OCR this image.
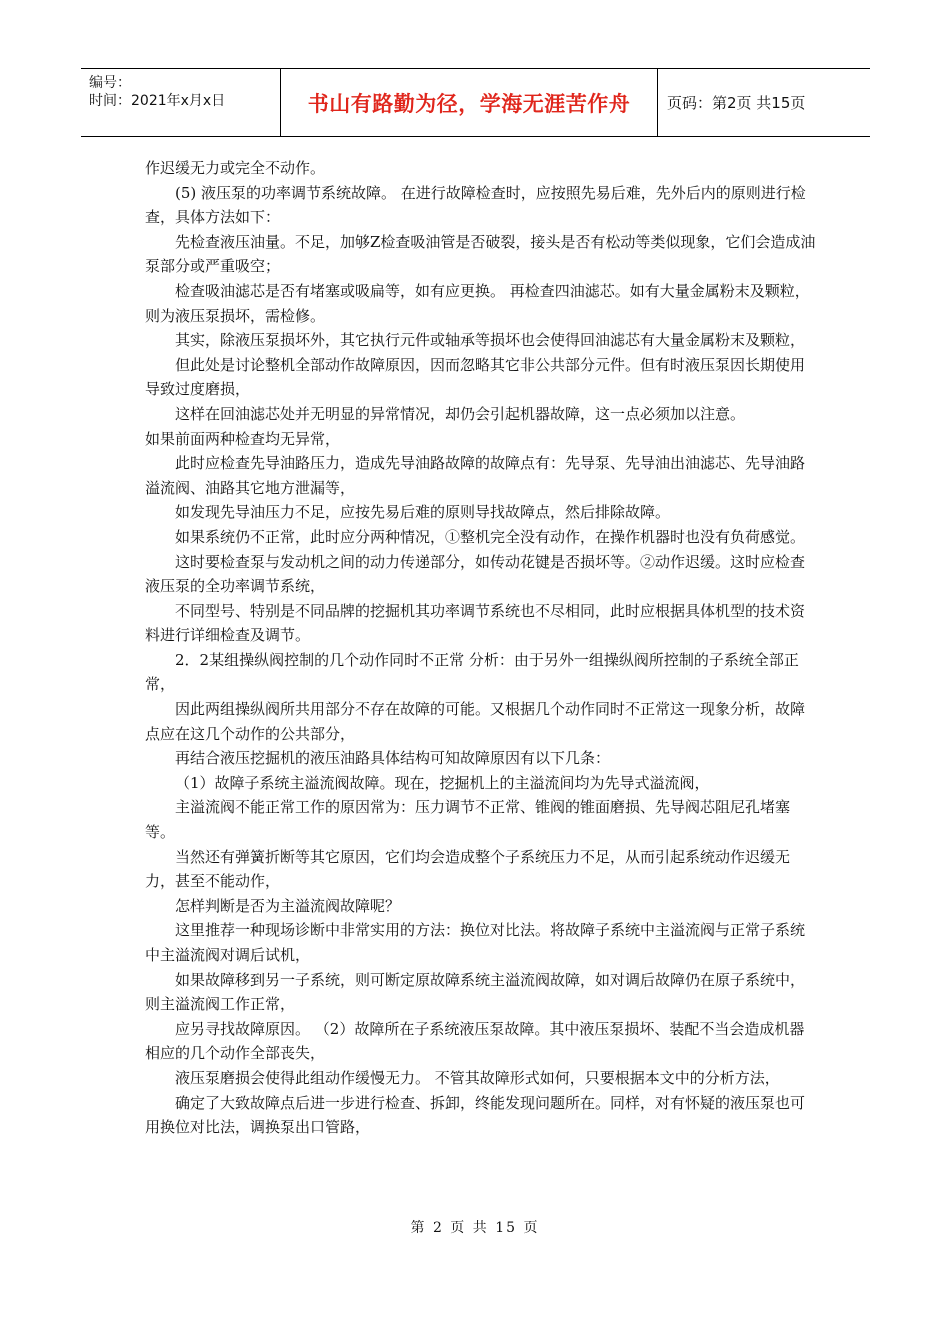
编号：
时间：2021年x月x日	书山有路勤为径，学海无涯苦作舟	页码：第2页 共15页

作迟缓无力或完全不动作。

(5) 液压泵的功率调节系统故障。 在进行故障检查时，应按照先易后难，先外后内的原则进行检查，具体方法如下：

先检查液压油量。不足，加够Z检查吸油管是否破裂，接头是否有松动等类似现象，它们会造成油泵部分或严重吸空；

检查吸油滤芯是否有堵塞或吸扁等，如有应更换。 再检查四油滤芯。如有大量金属粉末及颗粒，则为液压泵损坏，需检修。

其实，除液压泵损坏外，其它执行元件或轴承等损坏也会使得回油滤芯有大量金属粉末及颗粒，

但此处是讨论整机全部动作故障原因，因而忽略其它非公共部分元件。但有时液压泵因长期使用导致过度磨损，

这样在回油滤芯处并无明显的异常情况，却仍会引起机器故障，这一点必须加以注意。

如果前面两种检查均无异常，

此时应检查先导油路压力，造成先导油路故障的故障点有：先导泵、先导油出油滤芯、先导油路溢流阀、油路其它地方泄漏等，

如发现先导油压力不足，应按先易后难的原则导找故障点，然后排除故障。

如果系统仍不正常，此时应分两种情况，①整机完全没有动作，在操作机器时也没有负荷感觉。

这时要检查泵与发动机之间的动力传递部分，如传动花键是否损坏等。②动作迟缓。这时应检查液压泵的全功率调节系统，

不同型号、特别是不同品牌的挖掘机其功率调节系统也不尽相同，此时应根据具体机型的技术资料进行详细检查及调节。

2．2某组操纵阀控制的几个动作同时不正常 分析：由于另外一组操纵阀所控制的子系统全部正常，

因此两组操纵阀所共用部分不存在故障的可能。又根据几个动作同时不正常这一现象分析，故障点应在这几个动作的公共部分，

再结合液压挖掘机的液压油路具体结构可知故障原因有以下几条：

（1）故障子系统主溢流阀故障。现在，挖掘机上的主溢流间均为先导式溢流阀，

主溢流阀不能正常工作的原因常为：压力调节不正常、锥阀的锥面磨损、先导阀芯阻尼孔堵塞等。

当然还有弹簧折断等其它原因，它们均会造成整个子系统压力不足，从而引起系统动作迟缓无力，甚至不能动作，

怎样判断是否为主溢流阀故障呢？

这里推荐一种现场诊断中非常实用的方法：换位对比法。将故障子系统中主溢流阀与正常子系统中主溢流阀对调后试机，

如果故障移到另一子系统，则可断定原故障系统主溢流阀故障，如对调后故障仍在原子系统中，则主溢流阀工作正常，

应另寻找故障原因。 （2）故障所在子系统液压泵故障。其中液压泵损坏、装配不当会造成机器相应的几个动作全部丧失，

液压泵磨损会使得此组动作缓慢无力。 不管其故障形式如何，只要根据本文中的分析方法，

确定了大致故障点后进一步进行检查、拆卸，终能发现问题所在。同样，对有怀疑的液压泵也可用换位对比法，调换泵出口管路，

第 2 页 共 15 页
